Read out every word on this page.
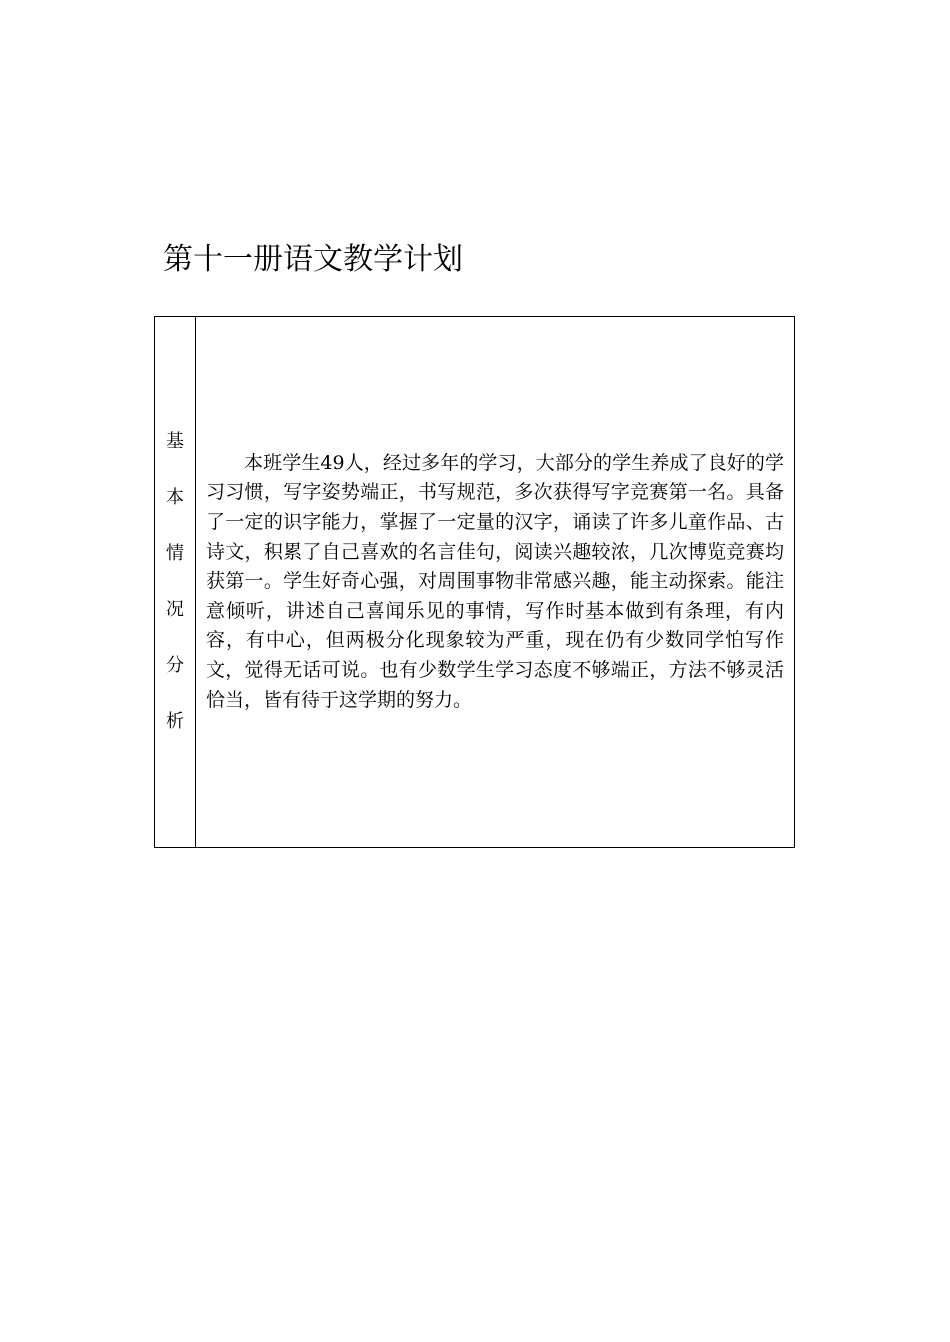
第十一册语文教学计划
基
本
情
况
分
析

本班学生49人，经过多年的学习，大部分的学生养成了良好的学习习惯，写字姿势端正，书写规范，多次获得写字竞赛第一名。具备了一定的识字能力，掌握了一定量的汉字，诵读了许多儿童作品、古诗文，积累了自己喜欢的名言佳句，阅读兴趣较浓，几次博览竞赛均获第一。学生好奇心强，对周围事物非常感兴趣，能主动探索。能注意倾听，讲述自己喜闻乐见的事情，写作时基本做到有条理，有内容，有中心，但两极分化现象较为严重，现在仍有少数同学怕写作文，觉得无话可说。也有少数学生学习态度不够端正，方法不够灵活恰当，皆有待于这学期的努力。
